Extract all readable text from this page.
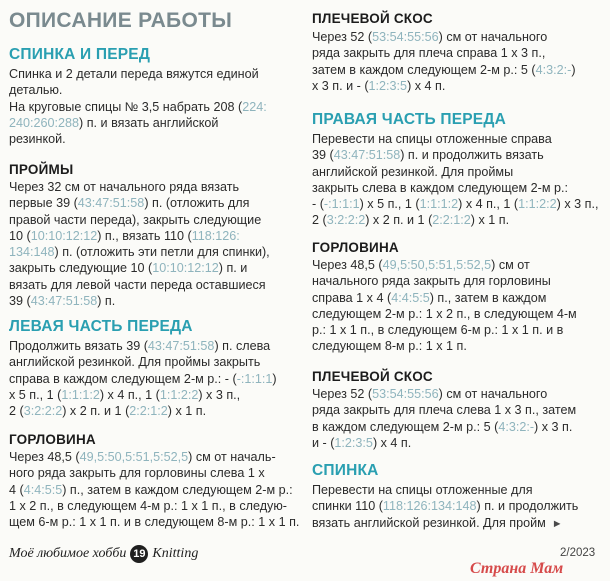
ОПИСАНИЕ РАБОТЫ
СПИНКА И ПЕРЕД
Спинка и 2 детали переда вяжутся единой
деталью.
На круговые спицы № 3,5 набрать 208 (224:
240:260:288) п. и вязать английской
резинкой.
ПРОЙМЫ
Через 32 см от начального ряда вязать
первые 39 (43:47:51:58) п. (отложить для
правой части переда), закрыть следующие
10 (10:10:12:12) п., вязать 110 (118:126:
134:148) п. (отложить эти петли для спинки),
закрыть следующие 10 (10:10:12:12) п. и
вязать для левой части переда оставшиеся
39 (43:47:51:58) п.
ЛЕВАЯ ЧАСТЬ ПЕРЕДА
Продолжить вязать 39 (43:47:51:58) п. слева
английской резинкой. Для проймы закрыть
справа в каждом следующем 2-м р.: - (-:1:1:1)
х 5 п., 1 (1:1:1:2) х 4 п., 1 (1:1:2:2) х 3 п.,
2 (3:2:2:2) х 2 п. и 1 (2:2:1:2) х 1 п.
ГОРЛОВИНА
Через 48,5 (49,5:50,5:51,5:52,5) см от началь-
ного ряда закрыть для горловины слева 1 х
4 (4:4:5:5) п., затем в каждом следующем 2-м р.:
1 х 2 п., в следующем 4-м р.: 1 х 1 п., в следую-
щем 6-м р.: 1 х 1 п. и в следующем 8-м р.: 1 х 1 п.
ПЛЕЧЕВОЙ СКОС
Через 52 (53:54:55:56) см от начального
ряда закрыть для плеча справа 1 х 3 п.,
затем в каждом следующем 2-м р.: 5 (4:3:2:-)
х 3 п. и - (1:2:3:5) х 4 п.
ПРАВАЯ ЧАСТЬ ПЕРЕДА
Перевести на спицы отложенные справа
39 (43:47:51:58) п. и продолжить вязать
английской резинкой. Для проймы
закрыть слева в каждом следующем 2-м р.:
- (-:1:1:1) х 5 п., 1 (1:1:1:2) х 4 п., 1 (1:1:2:2) х 3 п.,
2 (3:2:2:2) х 2 п. и 1 (2:2:1:2) х 1 п.
ГОРЛОВИНА
Через 48,5 (49,5:50,5:51,5:52,5) см от
начального ряда закрыть для горловины
справа 1 х 4 (4:4:5:5) п., затем в каждом
следующем 2-м р.: 1 х 2 п., в следующем 4-м
р.: 1 х 1 п., в следующем 6-м р.: 1 х 1 п. и в
следующем 8-м р.: 1 х 1 п.
ПЛЕЧЕВОЙ СКОС
Через 52 (53:54:55:56) см от начального
ряда закрыть для плеча слева 1 х 3 п., затем
в каждом следующем 2-м р.: 5 (4:3:2:-) х 3 п.
и - (1:2:3:5) х 4 п.
СПИНКА
Перевести на спицы отложенные для
спинки 110 (118:126:134:148) п. и продолжить
вязать английской резинкой. Для пройм ►
Моё любимое хобби 19 Knitting	2/2023
Страна Мам
